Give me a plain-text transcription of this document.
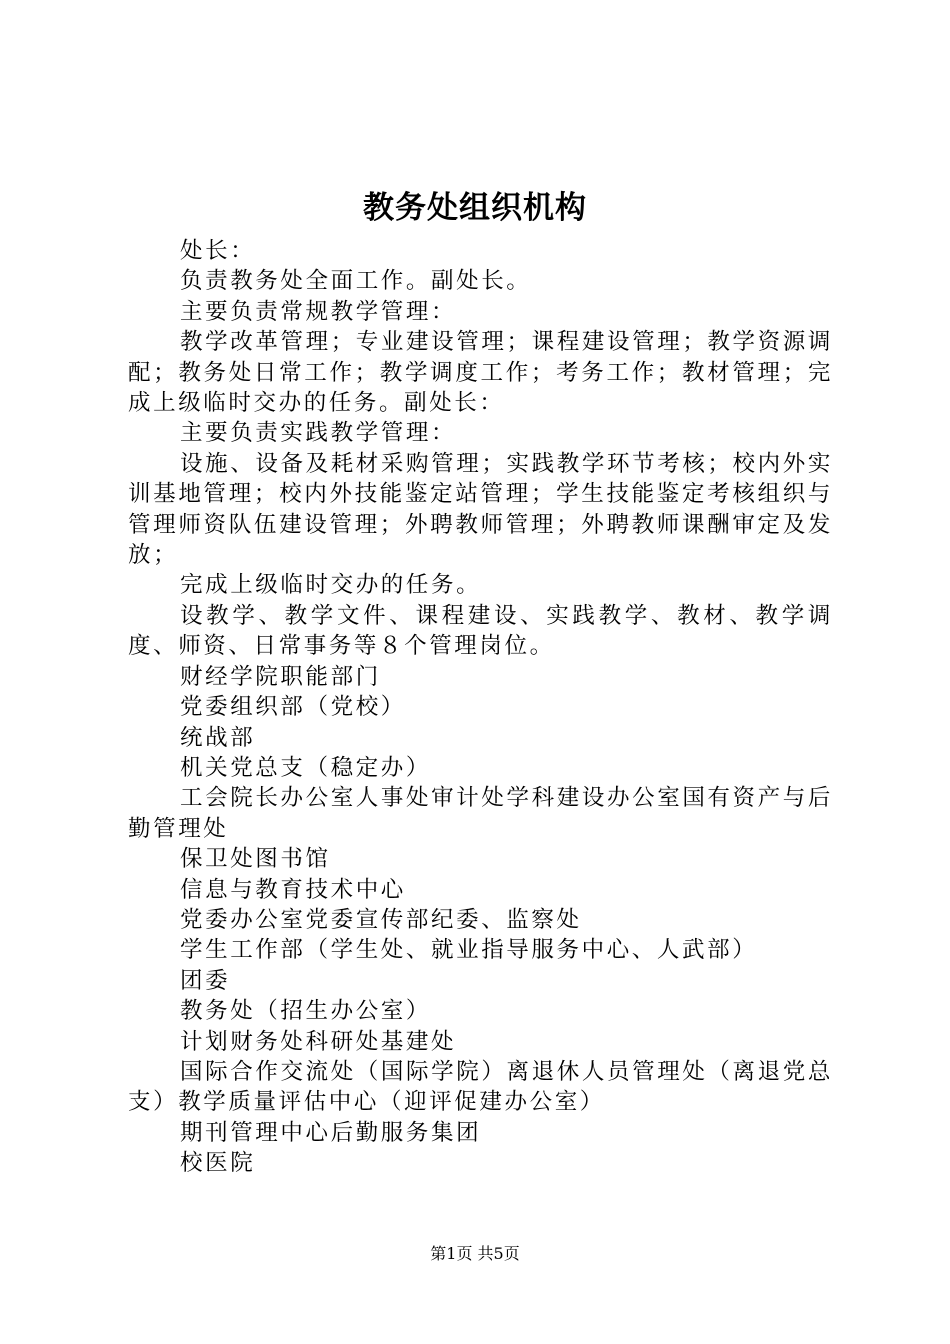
教务处组织机构

处长：

负责教务处全面工作。副处长。

主要负责常规教学管理：

教学改革管理；专业建设管理；课程建设管理；教学资源调配；教务处日常工作；教学调度工作；考务工作；教材管理；完成上级临时交办的任务。副处长：

主要负责实践教学管理：

设施、设备及耗材采购管理；实践教学环节考核；校内外实训基地管理；校内外技能鉴定站管理；学生技能鉴定考核组织与管理师资队伍建设管理；外聘教师管理；外聘教师课酬审定及发放；

完成上级临时交办的任务。

设教学、教学文件、课程建设、实践教学、教材、教学调度、师资、日常事务等８个管理岗位。

财经学院职能部门

党委组织部（党校）

统战部

机关党总支（稳定办）

工会院长办公室人事处审计处学科建设办公室国有资产与后勤管理处

保卫处图书馆

信息与教育技术中心

党委办公室党委宣传部纪委、监察处

学生工作部（学生处、就业指导服务中心、人武部）

团委

教务处（招生办公室）

计划财务处科研处基建处

国际合作交流处（国际学院）离退休人员管理处（离退党总支）教学质量评估中心（迎评促建办公室）

期刊管理中心后勤服务集团

校医院

第1页 共5页
